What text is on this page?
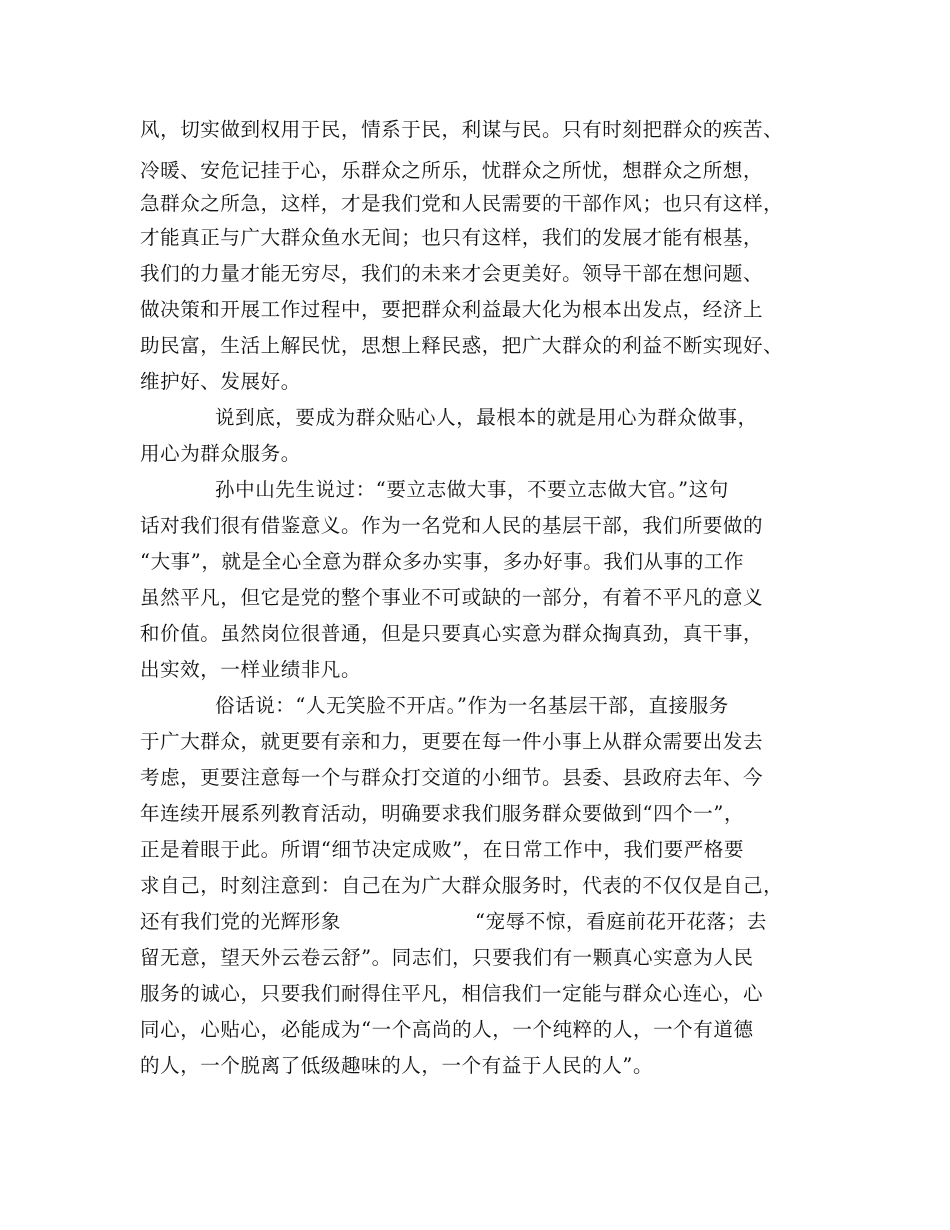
风，切实做到权用于民，情系于民，利谋与民。只有时刻把群众的疾苦、
冷暖、安危记挂于心，乐群众之所乐，忧群众之所忧，想群众之所想，
急群众之所急，这样，才是我们党和人民需要的干部作风；也只有这样，
才能真正与广大群众鱼水无间；也只有这样，我们的发展才能有根基，
我们的力量才能无穷尽，我们的未来才会更美好。领导干部在想问题、
做决策和开展工作过程中，要把群众利益最大化为根本出发点，经济上
助民富，生活上解民忧，思想上释民惑，把广大群众的利益不断实现好、
维护好、发展好。
说到底，要成为群众贴心人，最根本的就是用心为群众做事，
用心为群众服务。
孙中山先生说过：“要立志做大事，不要立志做大官。”这句
话对我们很有借鉴意义。作为一名党和人民的基层干部，我们所要做的
“大事”，就是全心全意为群众多办实事，多办好事。我们从事的工作
虽然平凡，但它是党的整个事业不可或缺的一部分，有着不平凡的意义
和价值。虽然岗位很普通，但是只要真心实意为群众掏真劲，真干事，
出实效，一样业绩非凡。
俗话说：“人无笑脸不开店。”作为一名基层干部，直接服务
于广大群众，就更要有亲和力，更要在每一件小事上从群众需要出发去
考虑，更要注意每一个与群众打交道的小细节。县委、县政府去年、今
年连续开展系列教育活动，明确要求我们服务群众要做到“四个一”，
正是着眼于此。所谓“细节决定成败”，在日常工作中，我们要严格要
求自己，时刻注意到：自己在为广大群众服务时，代表的不仅仅是自己，
还有我们党的光辉形象	“宠辱不惊，看庭前花开花落；去
留无意，望天外云卷云舒”。同志们，只要我们有一颗真心实意为人民
服务的诚心，只要我们耐得住平凡，相信我们一定能与群众心连心，心
同心，心贴心，必能成为“一个高尚的人，一个纯粹的人，一个有道德
的人，一个脱离了低级趣味的人，一个有益于人民的人”。
